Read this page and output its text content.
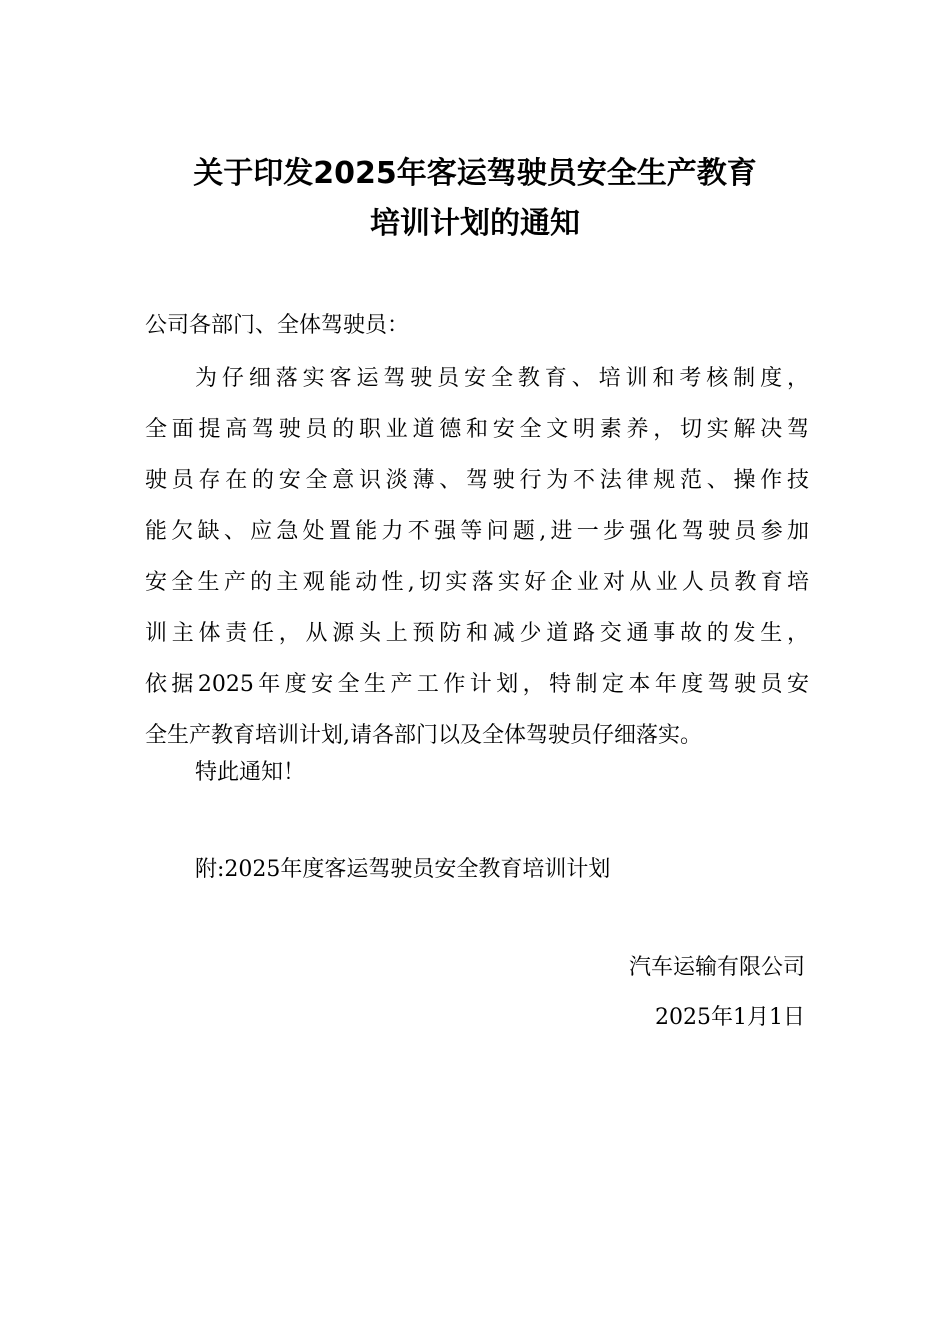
关于印发2025年客运驾驶员安全生产教育
培训计划的通知

公司各部门、全体驾驶员：

为仔细落实客运驾驶员安全教育、培训和考核制度，
全面提高驾驶员的职业道德和安全文明素养，切实解决驾
驶员存在的安全意识淡薄、驾驶行为不法律规范、操作技
能欠缺、应急处置能力不强等问题,进一步强化驾驶员参加
安全生产的主观能动性,切实落实好企业对从业人员教育培
训主体责任，从源头上预防和减少道路交通事故的发生，
依据2025年度安全生产工作计划，特制定本年度驾驶员安
全生产教育培训计划,请各部门以及全体驾驶员仔细落实。

特此通知！

附:2025年度客运驾驶员安全教育培训计划

汽车运输有限公司

2025年1月1日
